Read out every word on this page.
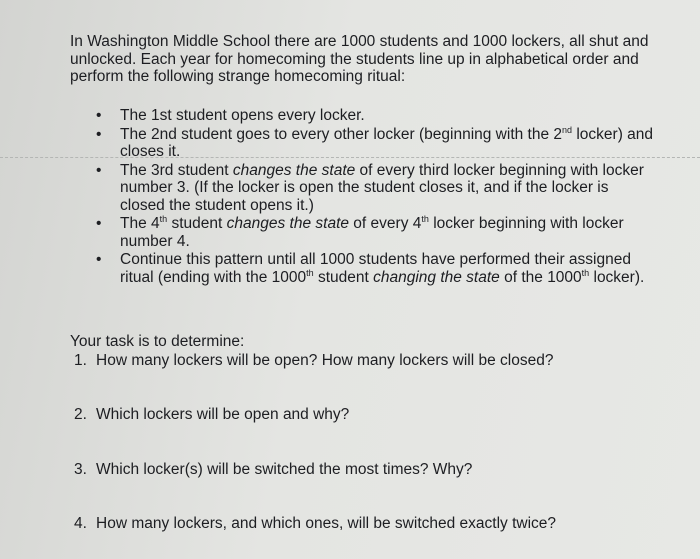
In Washington Middle School there are 1000 students and 1000 lockers, all shut and unlocked. Each year for homecoming the students line up in alphabetical order and perform the following strange homecoming ritual:
• The 1st student opens every locker.
• The 2nd student goes to every other locker (beginning with the 2nd locker) and closes it.
• The 3rd student changes the state of every third locker beginning with locker number 3. (If the locker is open the student closes it, and if the locker is closed the student opens it.)
• The 4th student changes the state of every 4th locker beginning with locker number 4.
• Continue this pattern until all 1000 students have performed their assigned ritual (ending with the 1000th student changing the state of the 1000th locker).
Your task is to determine:
1. How many lockers will be open? How many lockers will be closed?
2. Which lockers will be open and why?
3. Which locker(s) will be switched the most times? Why?
4. How many lockers, and which ones, will be switched exactly twice?
